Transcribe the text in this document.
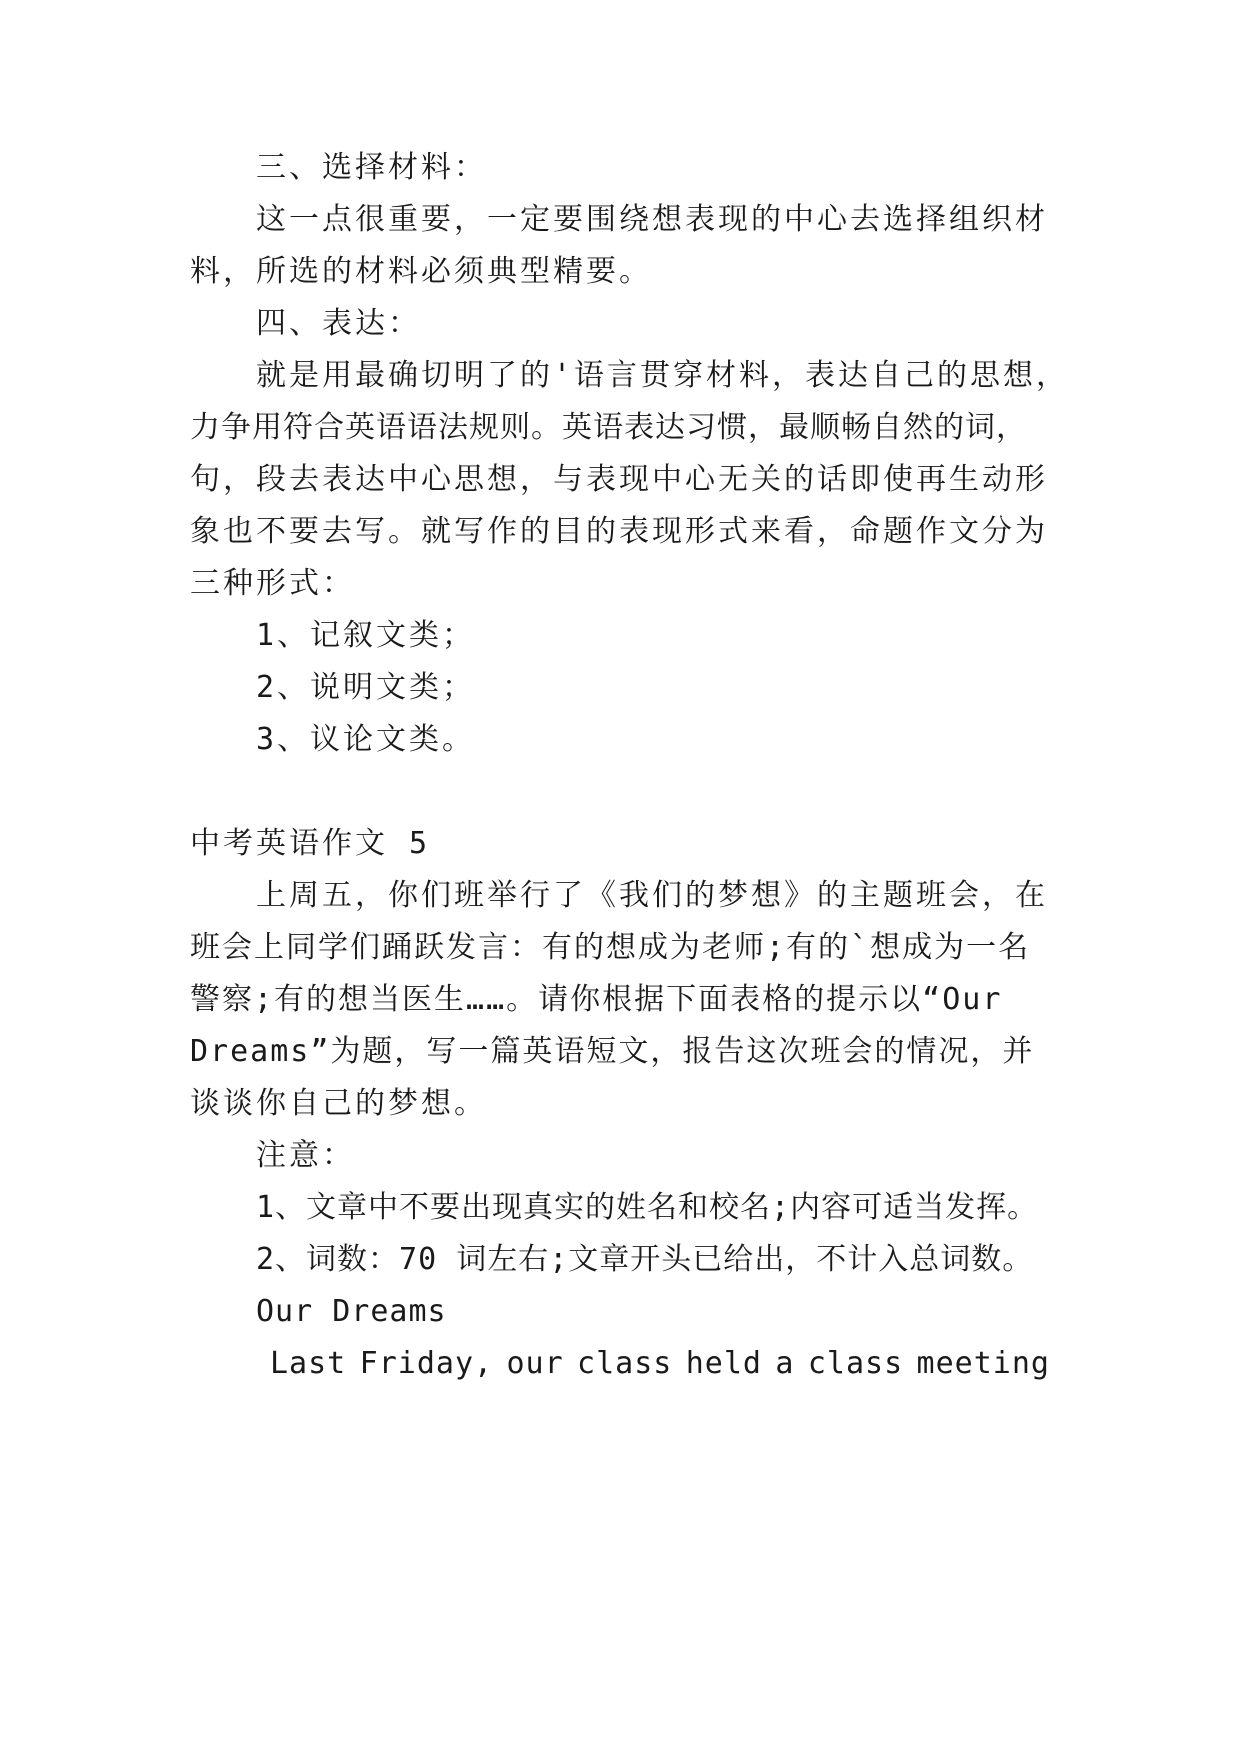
三、选择材料：
这一点很重要，一定要围绕想表现的中心去选择组织材
料，所选的材料必须典型精要。
四、表达：
就是用最确切明了的'语言贯穿材料，表达自己的思想，
力争用符合英语语法规则。英语表达习惯，最顺畅自然的词，
句，段去表达中心思想，与表现中心无关的话即使再生动形
象也不要去写。就写作的目的表现形式来看，命题作文分为
三种形式：
1、记叙文类；
2、说明文类；
3、议论文类。
中考英语作文 5
上周五，你们班举行了《我们的梦想》的主题班会，在
班会上同学们踊跃发言：有的想成为老师;有的`想成为一名
警察;有的想当医生……。请你根据下面表格的提示以“Our
Dreams”为题，写一篇英语短文，报告这次班会的情况，并
谈谈你自己的梦想。
注意：
1、文章中不要出现真实的姓名和校名;内容可适当发挥。
2、词数：70 词左右;文章开头已给出，不计入总词数。
Our Dreams
Last Friday, our class held a class meeting
